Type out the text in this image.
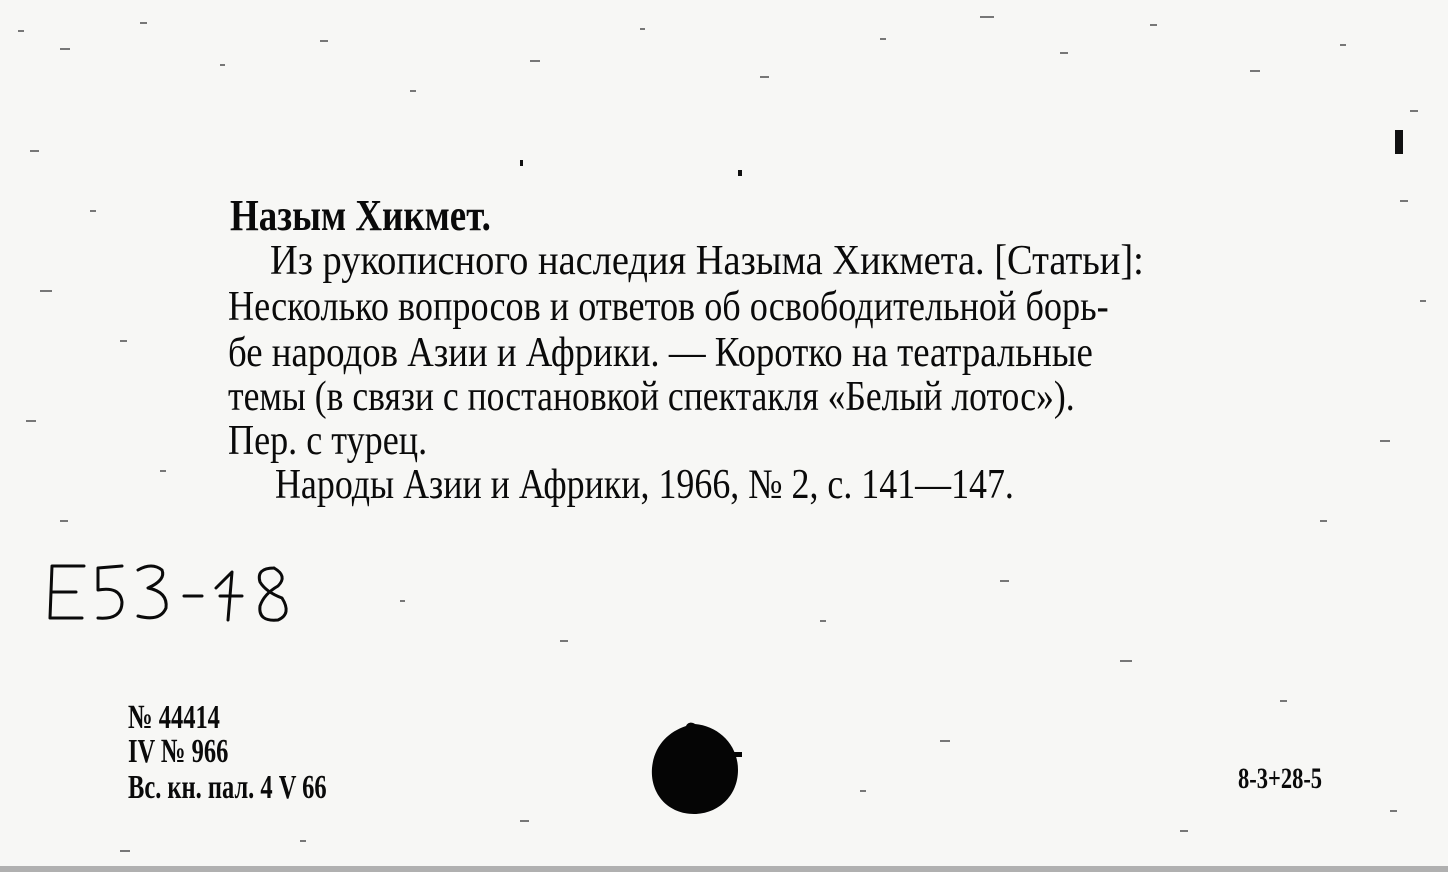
Назым Хикмет.

Из рукописного наследия Назыма Хикмета. [Статьи]:

Несколько вопросов и ответов об освободительной борь-

бе народов Азии и Африки. — Коротко на театральные

темы (в связи с постановкой спектакля «Белый лотос»).

Пер. с турец.

Народы Азии и Африки, 1966, № 2, с. 141—147.

№ 44414

IV № 966

Вс. кн. пал. 4 V 66	8-3+28-5
